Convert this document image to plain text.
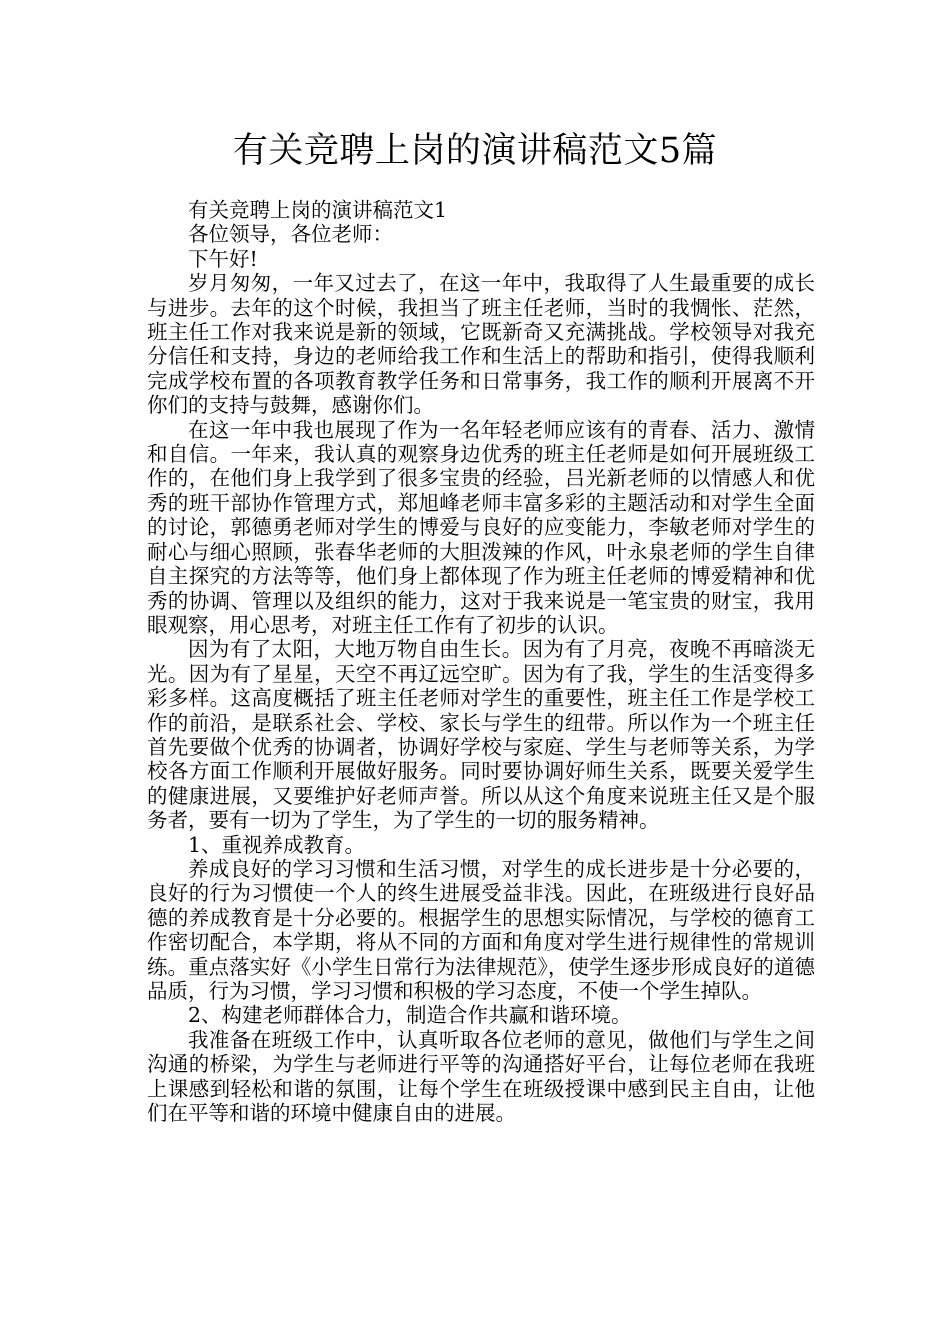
有关竞聘上岗的演讲稿范文5篇

有关竞聘上岗的演讲稿范文1

各位领导，各位老师：

下午好!

岁月匆匆，一年又过去了，在这一年中，我取得了人生最重要的成长与进步。去年的这个时候，我担当了班主任老师，当时的我惆怅、茫然，班主任工作对我来说是新的领域，它既新奇又充满挑战。学校领导对我充分信任和支持，身边的老师给我工作和生活上的帮助和指引，使得我顺利完成学校布置的各项教育教学任务和日常事务，我工作的顺利开展离不开你们的支持与鼓舞，感谢你们。

在这一年中我也展现了作为一名年轻老师应该有的青春、活力、激情和自信。一年来，我认真的观察身边优秀的班主任老师是如何开展班级工作的，在他们身上我学到了很多宝贵的经验，吕光新老师的以情感人和优秀的班干部协作管理方式，郑旭峰老师丰富多彩的主题活动和对学生全面的讨论，郭德勇老师对学生的博爱与良好的应变能力，李敏老师对学生的耐心与细心照顾，张春华老师的大胆泼辣的作风，叶永泉老师的学生自律自主探究的方法等等，他们身上都体现了作为班主任老师的博爱精神和优秀的协调、管理以及组织的能力，这对于我来说是一笔宝贵的财宝，我用眼观察，用心思考，对班主任工作有了初步的认识。

因为有了太阳，大地万物自由生长。因为有了月亮，夜晚不再暗淡无光。因为有了星星，天空不再辽远空旷。因为有了我，学生的生活变得多彩多样。这高度概括了班主任老师对学生的重要性，班主任工作是学校工作的前沿，是联系社会、学校、家长与学生的纽带。所以作为一个班主任首先要做个优秀的协调者，协调好学校与家庭、学生与老师等关系，为学校各方面工作顺利开展做好服务。同时要协调好师生关系，既要关爱学生的健康进展，又要维护好老师声誉。所以从这个角度来说班主任又是个服务者，要有一切为了学生，为了学生的一切的服务精神。

1、重视养成教育。

养成良好的学习习惯和生活习惯，对学生的成长进步是十分必要的，良好的行为习惯使一个人的终生进展受益非浅。因此，在班级进行良好品德的养成教育是十分必要的。根据学生的思想实际情况，与学校的德育工作密切配合，本学期，将从不同的方面和角度对学生进行规律性的常规训练。重点落实好《小学生日常行为法律规范》，使学生逐步形成良好的道德品质，行为习惯，学习习惯和积极的学习态度，不使一个学生掉队。

2、构建老师群体合力，制造合作共赢和谐环境。

我准备在班级工作中，认真听取各位老师的意见，做他们与学生之间沟通的桥梁，为学生与老师进行平等的沟通搭好平台，让每位老师在我班上课感到轻松和谐的氛围，让每个学生在班级授课中感到民主自由，让他们在平等和谐的环境中健康自由的进展。
